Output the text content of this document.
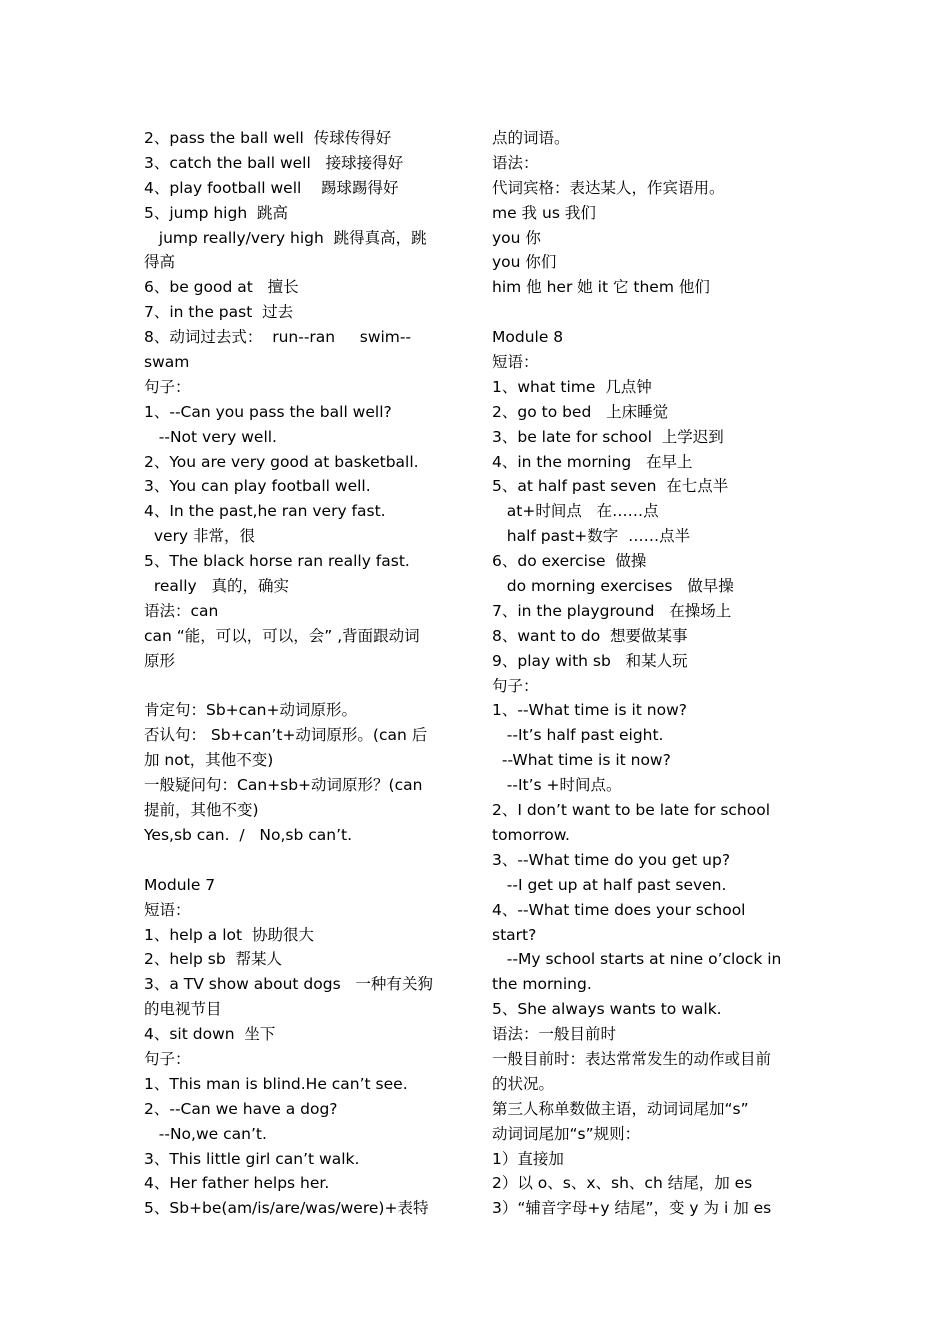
2、pass the ball well  传球传得好
3、catch the ball well   接球接得好
4、play football well    踢球踢得好
5、jump high  跳高
jump really/very high  跳得真高，跳
得高
6、be good at   擅长
7、in the past  过去
8、动词过去式：  run--ran     swim--
swam
句子：
1、--Can you pass the ball well?
--Not very well.
2、You are very good at basketball.
3、You can play football well.
4、In the past,he ran very fast.
very 非常，很
5、The black horse ran really fast.
really   真的，确实
语法：can
can “能，可以，可以，会” ,背面跟动词
原形
肯定句：Sb+can+动词原形。
否认句： Sb+can’t+动词原形。(can 后
加 not，其他不变)
一般疑问句：Can+sb+动词原形？(can
提前，其他不变)
Yes,sb can.  /   No,sb can’t.
Module 7
短语：
1、help a lot  协助很大
2、help sb  帮某人
3、a TV show about dogs   一种有关狗
的电视节目
4、sit down  坐下
句子：
1、This man is blind.He can’t see.
2、--Can we have a dog?
--No,we can’t.
3、This little girl can’t walk.
4、Her father helps her.
5、Sb+be(am/is/are/was/were)+表特
点的词语。
语法：
代词宾格：表达某人，作宾语用。
me 我 us 我们
you 你
you 你们
him 他 her 她 it 它 them 他们
Module 8
短语：
1、what time  几点钟
2、go to bed   上床睡觉
3、be late for school  上学迟到
4、in the morning   在早上
5、at half past seven  在七点半
at+时间点   在……点
half past+数字  ……点半
6、do exercise  做操
do morning exercises   做早操
7、in the playground   在操场上
8、want to do  想要做某事
9、play with sb   和某人玩
句子：
1、--What time is it now?
--It’s half past eight.
--What time is it now?
--It’s +时间点。
2、I don’t want to be late for school
tomorrow.
3、--What time do you get up?
--I get up at half past seven.
4、--What time does your school
start?
--My school starts at nine o’clock in
the morning.
5、She always wants to walk.
语法：一般目前时
一般目前时：表达常常发生的动作或目前
的状况。
第三人称单数做主语，动词词尾加“s”
动词词尾加“s”规则：
1）直接加
2）以 o、s、x、sh、ch 结尾，加 es
3）“辅音字母+y 结尾”，变 y 为 i 加 es
